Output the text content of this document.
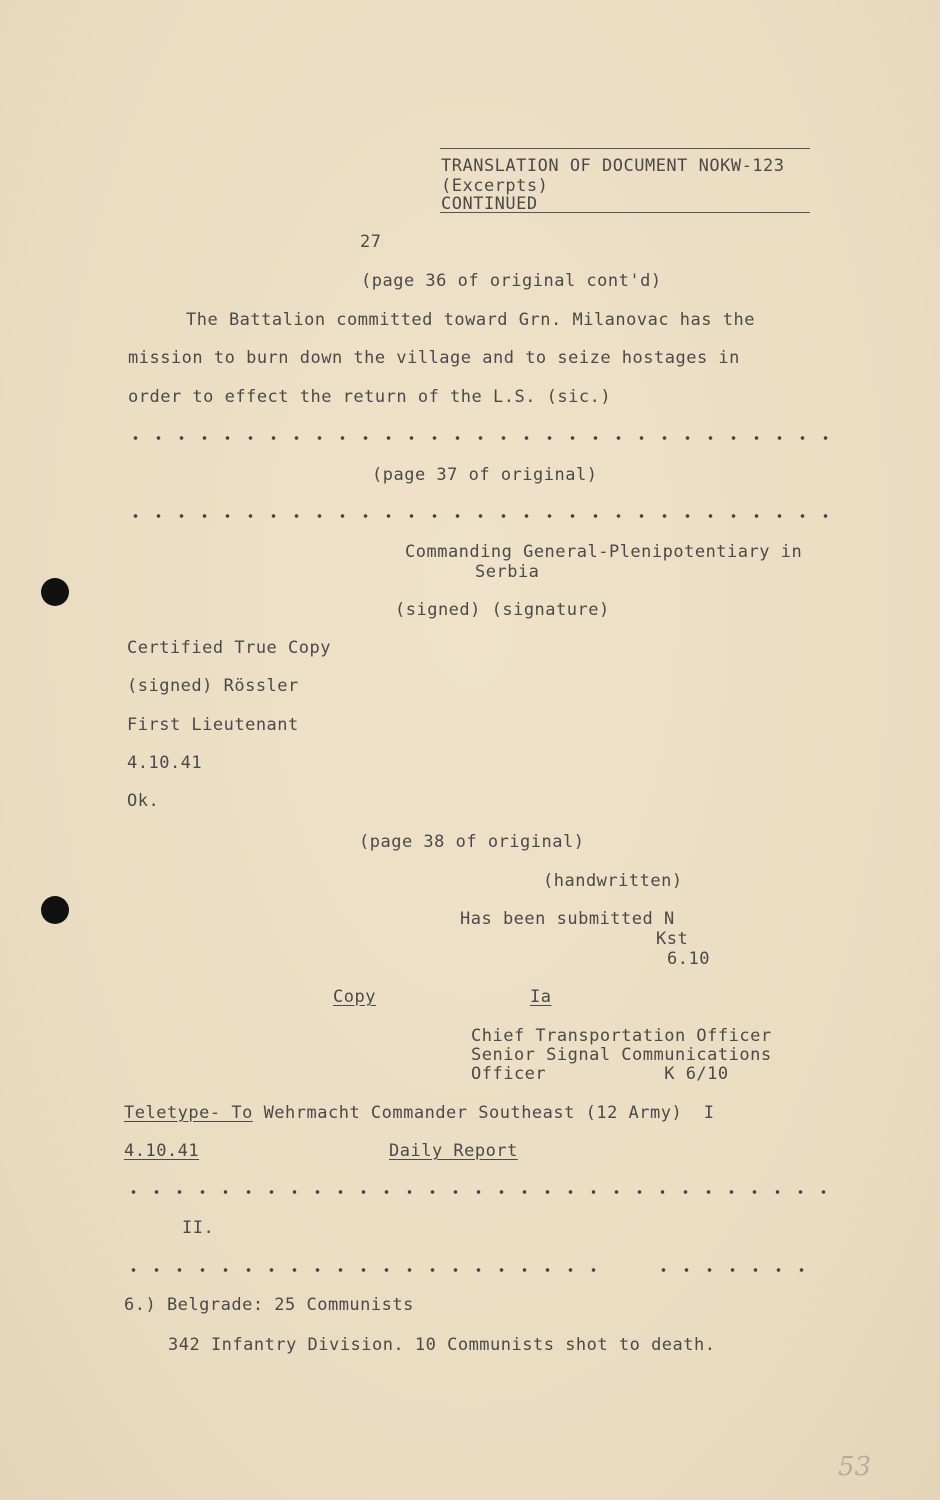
TRANSLATION OF DOCUMENT NOKW-123
(Excerpts)
CONTINUED
27
(page 36 of original cont'd)
The Battalion committed toward Grn. Milanovac has the
mission to burn down the village and to seize hostages in
order to effect the return of the L.S. (sic.)
(page 37 of original)
Commanding General-Plenipotentiary in
Serbia
(signed) (signature)
Certified True Copy
(signed) Rössler
First Lieutenant
4.10.41
Ok.
(page 38 of original)
(handwritten)
Has been submitted N
Kst
6.10
Copy	Ia
Chief Transportation Officer
Senior Signal Communications
Officer           K 6/10
Teletype- To Wehrmacht Commander Southeast (12 Army)  I
4.10.41	Daily Report
II.
6.) Belgrade: 25 Communists
342 Infantry Division. 10 Communists shot to death.
53
